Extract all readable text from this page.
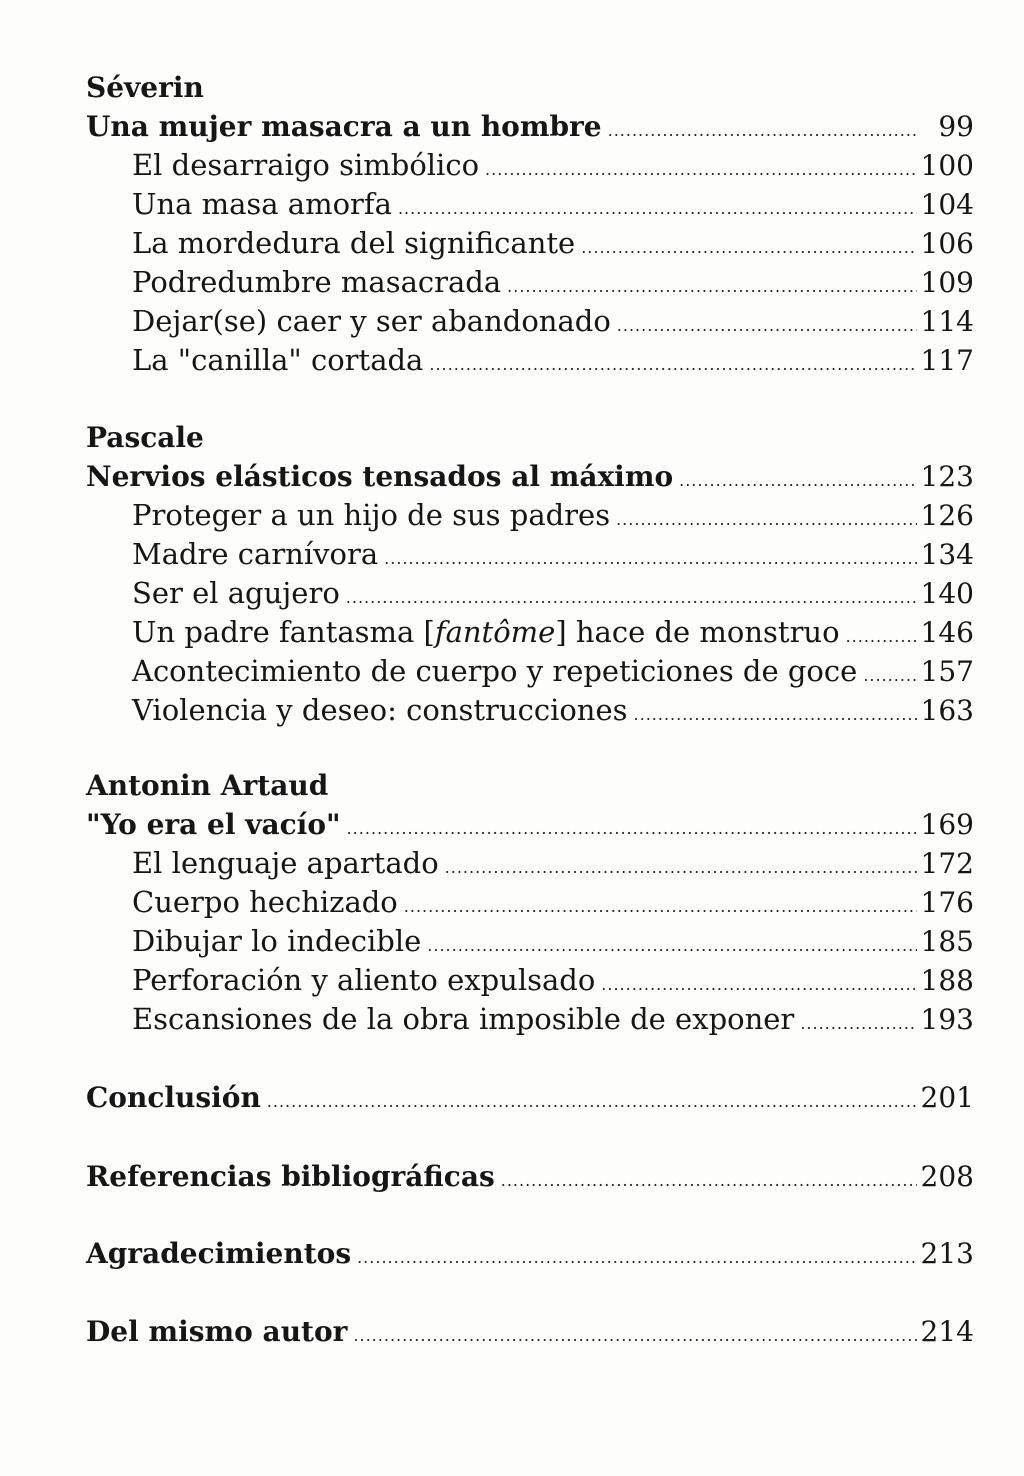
Séverin
Una mujer masacra a un hombre .....	99
El desarraigo simbólico .....	100
Una masa amorfa .....	104
La mordedura del significante .....	106
Podredumbre masacrada .....	109
Dejar(se) caer y ser abandonado .....	114
La "canilla" cortada .....	117
Pascale
Nervios elásticos tensados al máximo .....	123
Proteger a un hijo de sus padres .....	126
Madre carnívora .....	134
Ser el agujero .....	140
Un padre fantasma [fantôme] hace de monstruo .....	146
Acontecimiento de cuerpo y repeticiones de goce ..... 157
Violencia y deseo: construcciones .....	163
Antonin Artaud
"Yo era el vacío" .....	169
El lenguaje apartado .....	172
Cuerpo hechizado .....	176
Dibujar lo indecible .....	185
Perforación y aliento expulsado .....	188
Escansiones de la obra imposible de exponer .....	193
Conclusión .....	201
Referencias bibliográficas .....	208
Agradecimientos .....	213
Del mismo autor .....	214
